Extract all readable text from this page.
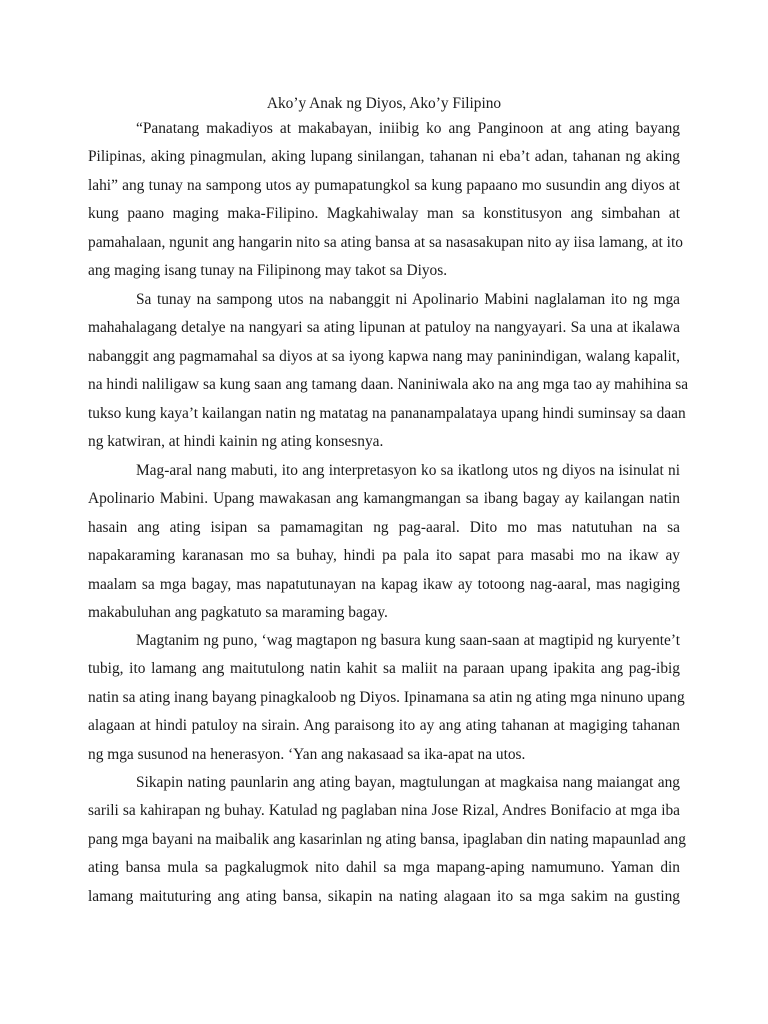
Ako’y Anak ng Diyos, Ako’y Filipino
“Panatang makadiyos at makabayan, iniibig ko ang Panginoon at ang ating bayang
Pilipinas, aking pinagmulan, aking lupang sinilangan, tahanan ni eba’t adan, tahanan ng aking
lahi” ang tunay na sampong utos ay pumapatungkol sa kung papaano mo susundin ang diyos at
kung paano maging maka-Filipino. Magkahiwalay man sa konstitusyon ang simbahan at
pamahalaan, ngunit ang hangarin nito sa ating bansa at sa nasasakupan nito ay iisa lamang, at ito
ang maging isang tunay na Filipinong may takot sa Diyos.
Sa tunay na sampong utos na nabanggit ni Apolinario Mabini naglalaman ito ng mga
mahahalagang detalye na nangyari sa ating lipunan at patuloy na nangyayari. Sa una at ikalawa
nabanggit ang pagmamahal sa diyos at sa iyong kapwa nang may paninindigan, walang kapalit,
na hindi naliligaw sa kung saan ang tamang daan. Naniniwala ako na ang mga tao ay mahihina sa
tukso kung kaya’t kailangan natin ng matatag na pananampalataya upang hindi suminsay sa daan
ng katwiran, at hindi kainin ng ating konsesnya.
Mag-aral nang mabuti, ito ang interpretasyon ko sa ikatlong utos ng diyos na isinulat ni
Apolinario Mabini. Upang mawakasan ang kamangmangan sa ibang bagay ay kailangan natin
hasain ang ating isipan sa pamamagitan ng pag-aaral. Dito mo mas natutuhan na sa
napakaraming karanasan mo sa buhay, hindi pa pala ito sapat para masabi mo na ikaw ay
maalam sa mga bagay, mas napatutunayan na kapag ikaw ay totoong nag-aaral, mas nagiging
makabuluhan ang pagkatuto sa maraming bagay.
Magtanim ng puno, ‘wag magtapon ng basura kung saan-saan at magtipid ng kuryente’t
tubig, ito lamang ang maitutulong natin kahit sa maliit na paraan upang ipakita ang pag-ibig
natin sa ating inang bayang pinagkaloob ng Diyos. Ipinamana sa atin ng ating mga ninuno upang
alagaan at hindi patuloy na sirain. Ang paraisong ito ay ang ating tahanan at magiging tahanan
ng mga susunod na henerasyon. ‘Yan ang nakasaad sa ika-apat na utos.
Sikapin nating paunlarin ang ating bayan, magtulungan at magkaisa nang maiangat ang
sarili sa kahirapan ng buhay. Katulad ng paglaban nina Jose Rizal, Andres Bonifacio at mga iba
pang mga bayani na maibalik ang kasarinlan ng ating bansa, ipaglaban din nating mapaunlad ang
ating bansa mula sa pagkalugmok nito dahil sa mga mapang-aping namumuno. Yaman din
lamang maituturing ang ating bansa, sikapin na nating alagaan ito sa mga sakim na gusting
